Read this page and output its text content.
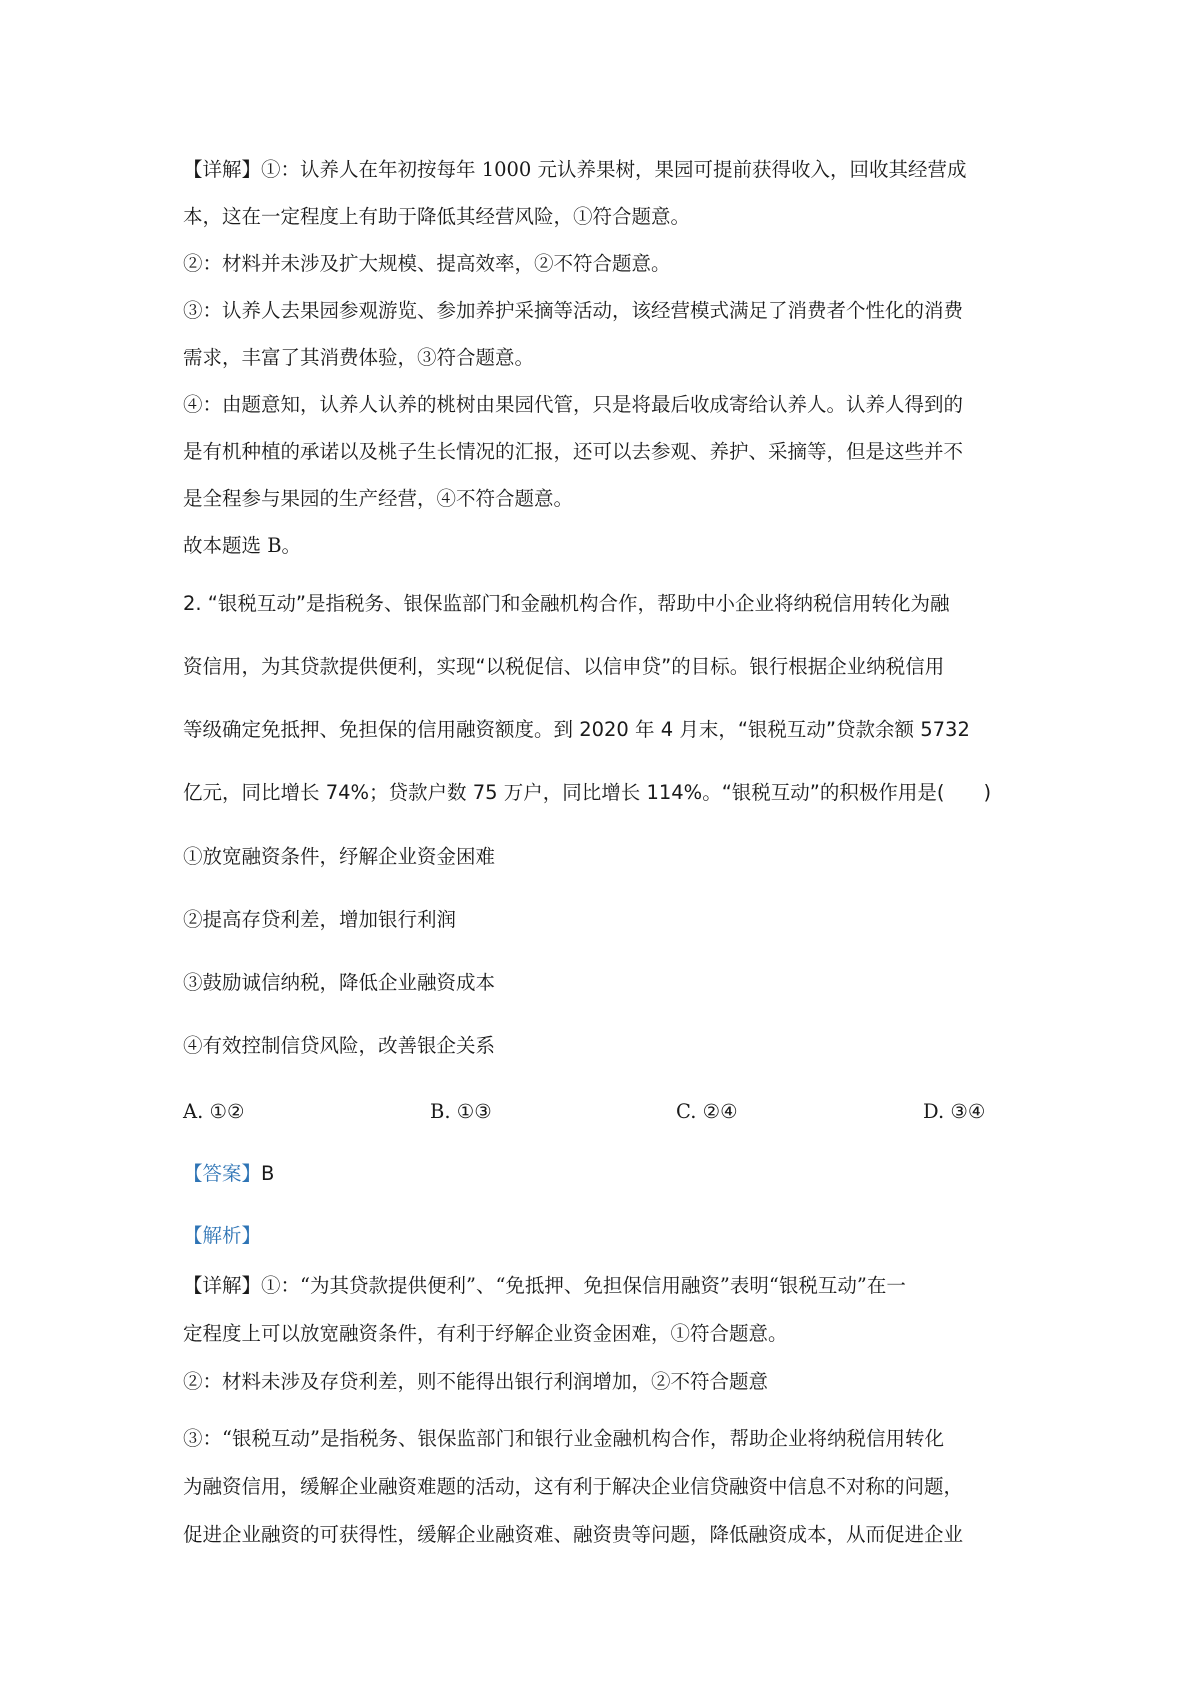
【详解】①：认养人在年初按每年 1000 元认养果树，果园可提前获得收入，回收其经营成
本，这在一定程度上有助于降低其经营风险，①符合题意。
②：材料并未涉及扩大规模、提高效率，②不符合题意。
③：认养人去果园参观游览、参加养护采摘等活动，该经营模式满足了消费者个性化的消费
需求，丰富了其消费体验，③符合题意。
④：由题意知，认养人认养的桃树由果园代管，只是将最后收成寄给认养人。认养人得到的
是有机种植的承诺以及桃子生长情况的汇报，还可以去参观、养护、采摘等，但是这些并不
是全程参与果园的生产经营，④不符合题意。
故本题选 B。
2. “银税互动”是指税务、银保监部门和金融机构合作，帮助中小企业将纳税信用转化为融
资信用，为其贷款提供便利，实现“以税促信、以信申贷”的目标。银行根据企业纳税信用
等级确定免抵押、免担保的信用融资额度。到 2020 年 4 月末，“银税互动”贷款余额 5732
亿元，同比增长 74%；贷款户数 75 万户，同比增长 114%。“银税互动”的积极作用是(　　)
①放宽融资条件，纾解企业资金困难
②提高存贷利差，增加银行利润
③鼓励诚信纳税，降低企业融资成本
④有效控制信贷风险，改善银企关系
A. ①②	B. ①③	C. ②④	D. ③④
【答案】B
【解析】
【详解】①：“为其贷款提供便利”、“免抵押、免担保信用融资”表明“银税互动”在一
定程度上可以放宽融资条件，有利于纾解企业资金困难，①符合题意。
②：材料未涉及存贷利差，则不能得出银行利润增加，②不符合题意
③：“银税互动”是指税务、银保监部门和银行业金融机构合作，帮助企业将纳税信用转化
为融资信用，缓解企业融资难题的活动，这有利于解决企业信贷融资中信息不对称的问题，
促进企业融资的可获得性，缓解企业融资难、融资贵等问题，降低融资成本，从而促进企业
